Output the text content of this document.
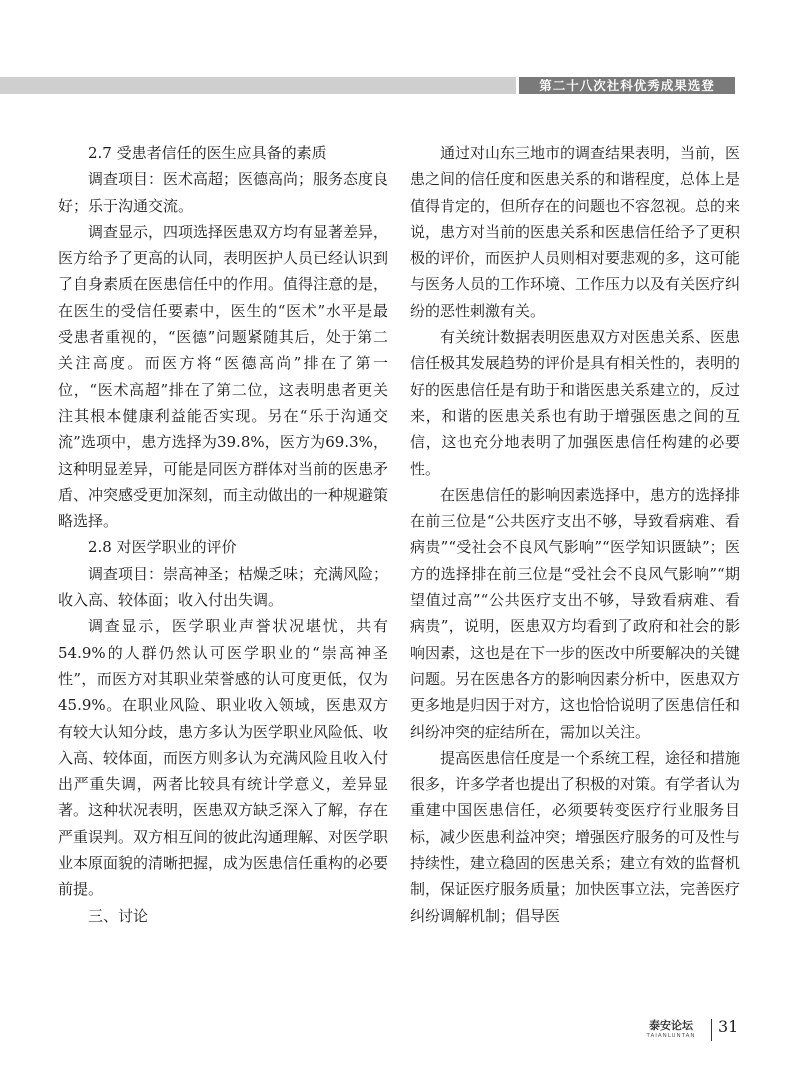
第二十八次社科优秀成果选登

2.7 受患者信任的医生应具备的素质

调查项目：医术高超；医德高尚；服务态度良好；乐于沟通交流。

调查显示，四项选择医患双方均有显著差异，医方给予了更高的认同，表明医护人员已经认识到了自身素质在医患信任中的作用。值得注意的是，在医生的受信任要素中，医生的“医术”水平是最受患者重视的，“医德”问题紧随其后，处于第二关注高度。而医方将“医德高尚”排在了第一位，“医术高超”排在了第二位，这表明患者更关注其根本健康利益能否实现。另在“乐于沟通交流”选项中，患方选择为39.8%，医方为69.3%，这种明显差异，可能是同医方群体对当前的医患矛盾、冲突感受更加深刻，而主动做出的一种规避策略选择。

2.8 对医学职业的评价

调查项目：崇高神圣；枯燥乏味；充满风险；收入高、较体面；收入付出失调。

调查显示，医学职业声誉状况堪忧，共有54.9%的人群仍然认可医学职业的“崇高神圣性”，而医方对其职业荣誉感的认可度更低，仅为45.9%。在职业风险、职业收入领域，医患双方有较大认知分歧，患方多认为医学职业风险低、收入高、较体面，而医方则多认为充满风险且收入付出严重失调，两者比较具有统计学意义，差异显著。这种状况表明，医患双方缺乏深入了解，存在严重误判。双方相互间的彼此沟通理解、对医学职业本原面貌的清晰把握，成为医患信任重构的必要前提。

三、讨论

通过对山东三地市的调查结果表明，当前，医患之间的信任度和医患关系的和谐程度，总体上是值得肯定的，但所存在的问题也不容忽视。总的来说，患方对当前的医患关系和医患信任给予了更积极的评价，而医护人员则相对要悲观的多，这可能与医务人员的工作环境、工作压力以及有关医疗纠纷的恶性刺激有关。

有关统计数据表明医患双方对医患关系、医患信任极其发展趋势的评价是具有相关性的，表明的好的医患信任是有助于和谐医患关系建立的，反过来，和谐的医患关系也有助于增强医患之间的互信，这也充分地表明了加强医患信任构建的必要性。

在医患信任的影响因素选择中，患方的选择排在前三位是“公共医疗支出不够，导致看病难、看病贵”“受社会不良风气影响”“医学知识匮缺”；医方的选择排在前三位是“受社会不良风气影响”“期望值过高”“公共医疗支出不够，导致看病难、看病贵”，说明，医患双方均看到了政府和社会的影响因素，这也是在下一步的医改中所要解决的关键问题。另在医患各方的影响因素分析中，医患双方更多地是归因于对方，这也恰恰说明了医患信任和纠纷冲突的症结所在，需加以关注。

提高医患信任度是一个系统工程，途径和措施很多，许多学者也提出了积极的对策。有学者认为重建中国医患信任，必须要转变医疗行业服务目标，减少医患利益冲突；增强医疗服务的可及性与持续性，建立稳固的医患关系；建立有效的监督机制，保证医疗服务质量；加快医事立法，完善医疗纠纷调解机制；倡导医

泰安论坛
TAIANLUNTAN	31
